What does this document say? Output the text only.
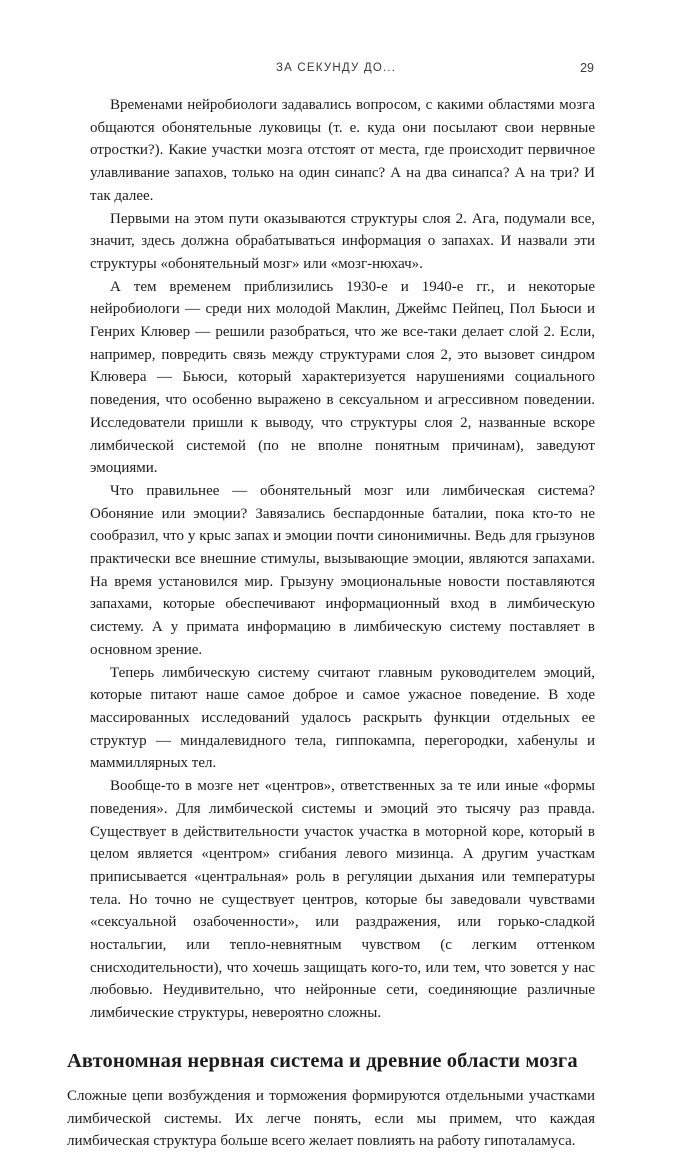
ЗА СЕКУНДУ ДО...	29

Временами нейробиологи задавались вопросом, с какими областями мозга общаются обонятельные луковицы (т. е. куда они посылают свои нервные отростки?). Какие участки мозга отстоят от места, где происходит первичное улавливание запахов, только на один синапс? А на два синапса? А на три? И так далее.

Первыми на этом пути оказываются структуры слоя 2. Ага, подумали все, значит, здесь должна обрабатываться информация о запахах. И назвали эти структуры «обонятельный мозг» или «мозг-нюхач».

А тем временем приблизились 1930-е и 1940-е гг., и некоторые нейробиологи — среди них молодой Маклин, Джеймс Пейпец, Пол Бьюси и Генрих Клювер — решили разобраться, что же все-таки делает слой 2. Если, например, повредить связь между структурами слоя 2, это вызовет синдром Клювера — Бьюси, который характеризуется нарушениями социального поведения, что особенно выражено в сексуальном и агрессивном поведении. Исследователи пришли к выводу, что структуры слоя 2, названные вскоре лимбической системой (по не вполне понятным причинам), заведуют эмоциями.

Что правильнее — обонятельный мозг или лимбическая система? Обоняние или эмоции? Завязались беспардонные баталии, пока кто-то не сообразил, что у крыс запах и эмоции почти синонимичны. Ведь для грызунов практически все внешние стимулы, вызывающие эмоции, являются запахами. На время установился мир. Грызуну эмоциональные новости поставляются запахами, которые обеспечивают информационный вход в лимбическую систему. А у примата информацию в лимбическую систему поставляет в основном зрение.

Теперь лимбическую систему считают главным руководителем эмоций, которые питают наше самое доброе и самое ужасное поведение. В ходе массированных исследований удалось раскрыть функции отдельных ее структур — миндалевидного тела, гиппокампа, перегородки, хабенулы и маммиллярных тел.

Вообще-то в мозге нет «центров», ответственных за те или иные «формы поведения». Для лимбической системы и эмоций это тысячу раз правда. Существует в действительности участок участка в моторной коре, который в целом является «центром» сгибания левого мизинца. А другим участкам приписывается «центральная» роль в регуляции дыхания или температуры тела. Но точно не существует центров, которые бы заведовали чувствами «сексуальной озабоченности», или раздражения, или горько-сладкой ностальгии, или тепло-невнятным чувством (с легким оттенком снисходительности), что хочешь защищать кого-то, или тем, что зовется у нас любовью. Неудивительно, что нейронные сети, соединяющие различные лимбические структуры, невероятно сложны.

Автономная нервная система и древние области мозга

Сложные цепи возбуждения и торможения формируются отдельными участками лимбической системы. Их легче понять, если мы примем, что каждая лимбическая структура больше всего желает повлиять на работу гипоталамуса.
